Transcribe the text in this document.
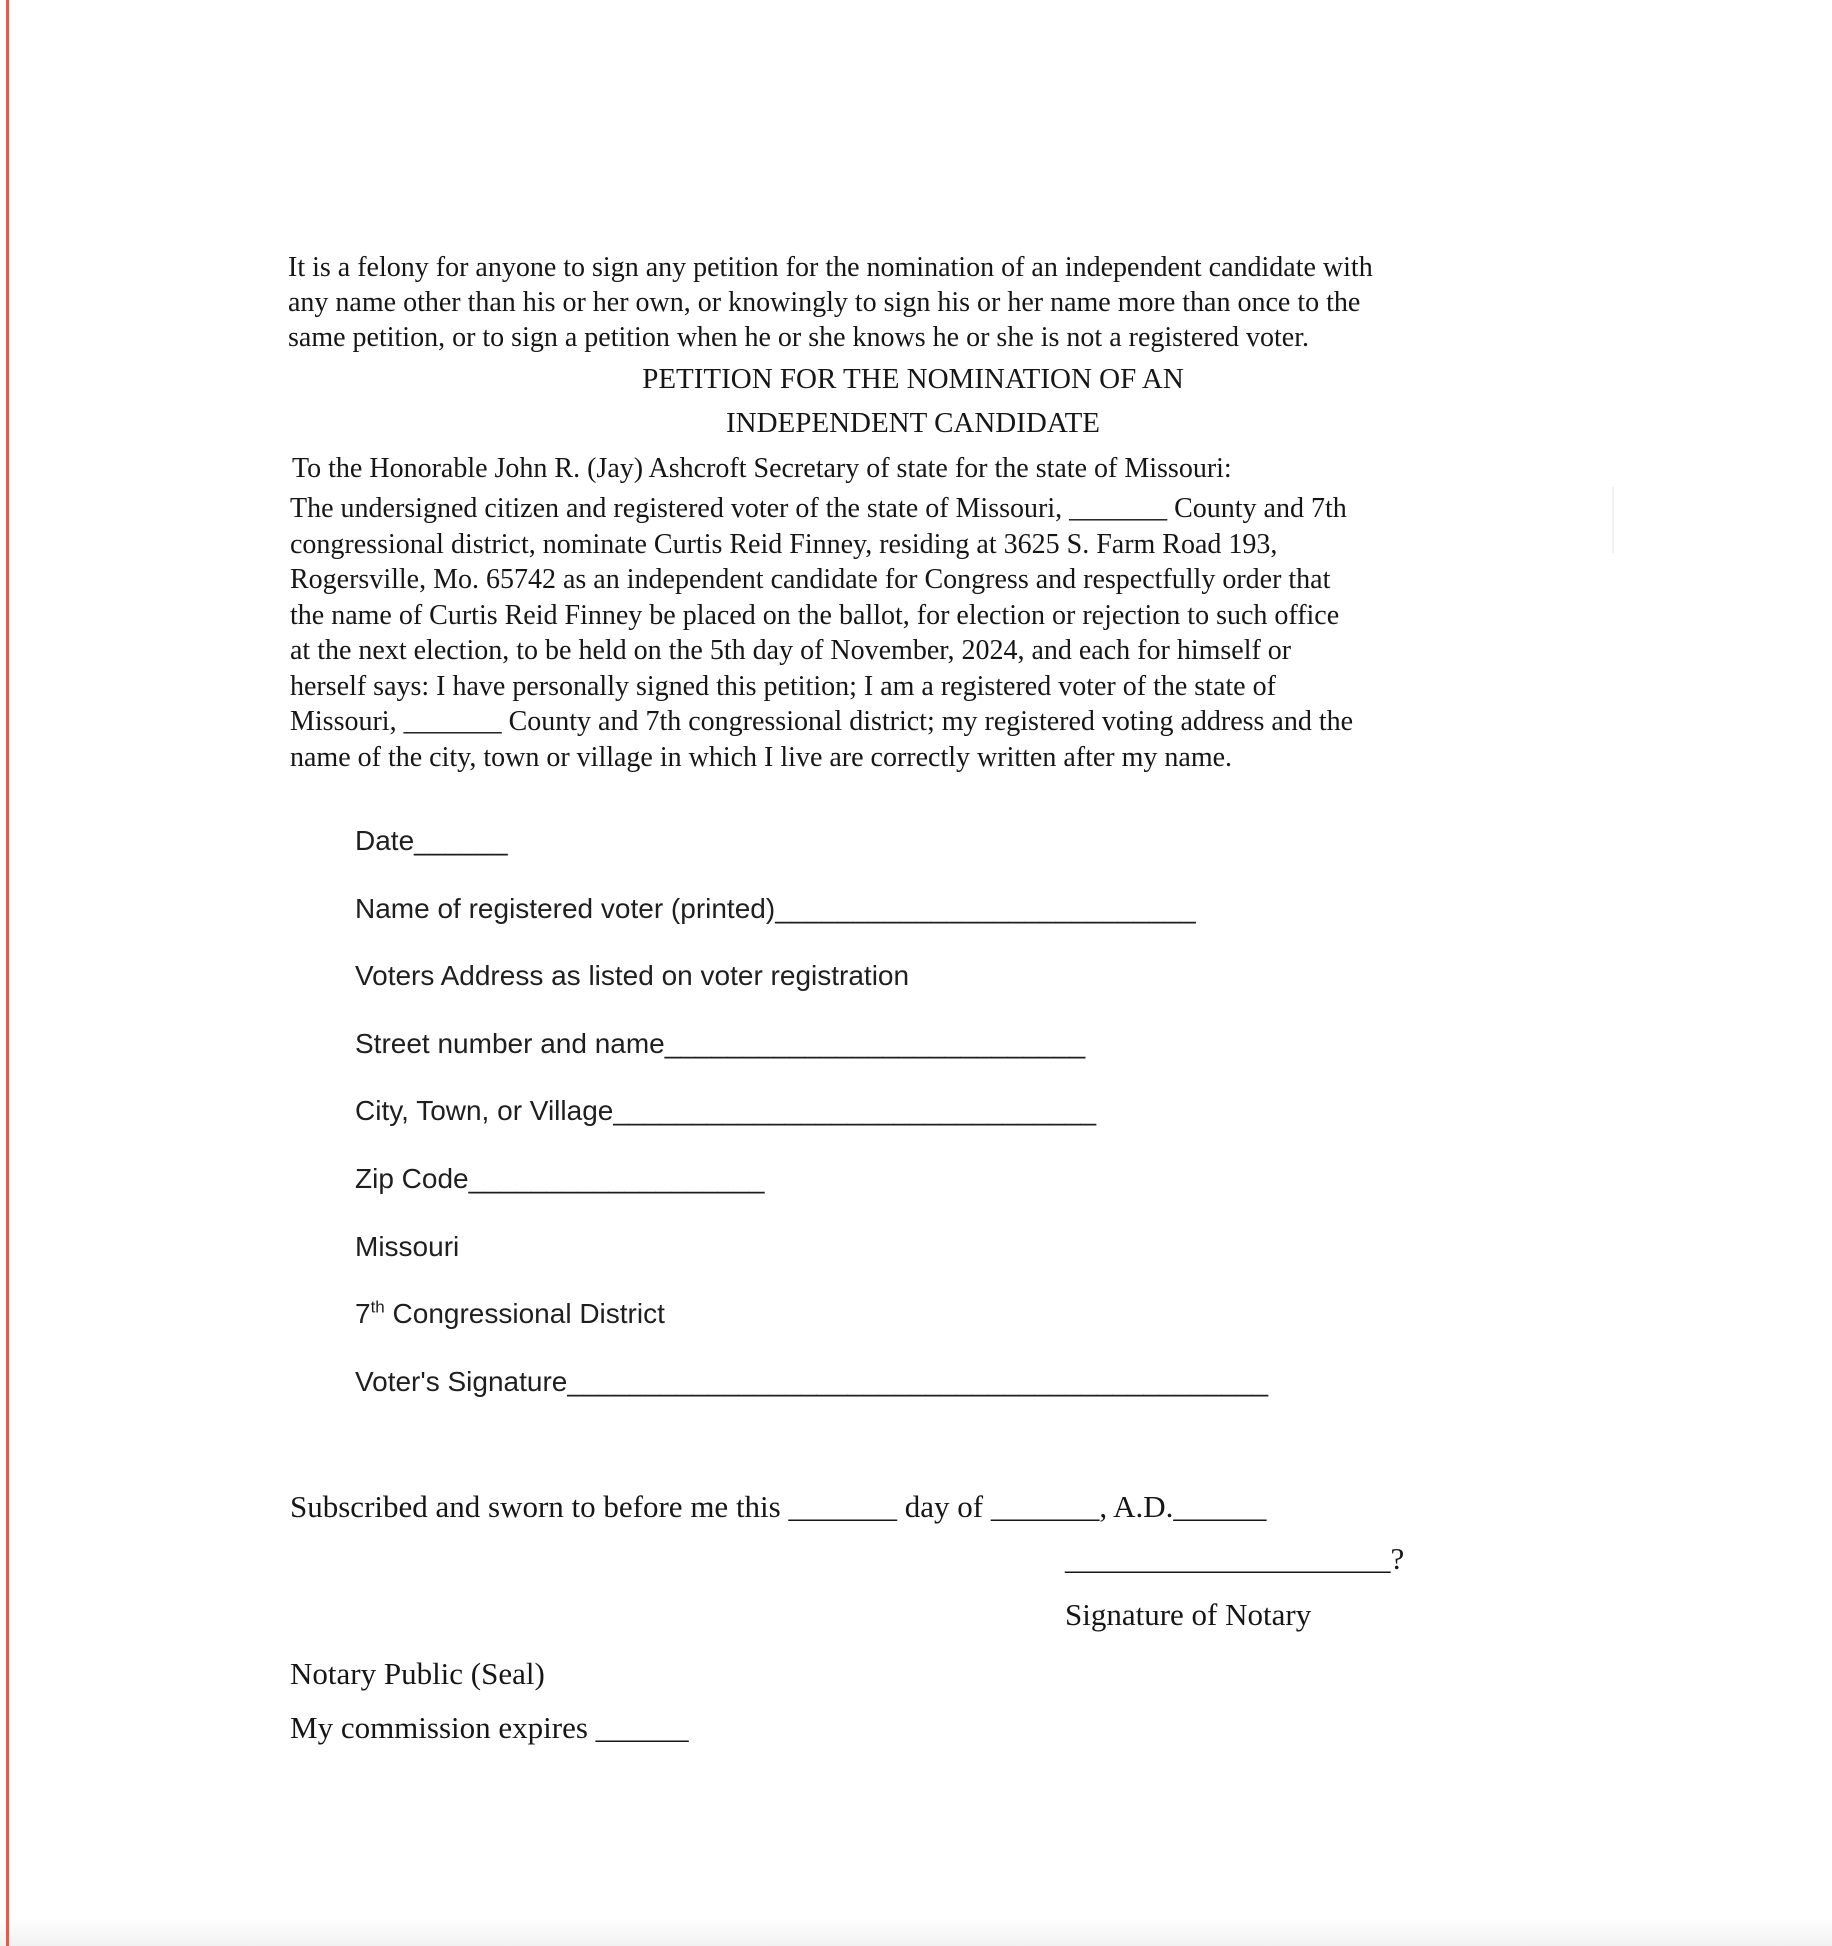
It is a felony for anyone to sign any petition for the nomination of an independent candidate with
any name other than his or her own, or knowingly to sign his or her name more than once to the
same petition, or to sign a petition when he or she knows he or she is not a registered voter.
PETITION FOR THE NOMINATION OF AN
INDEPENDENT CANDIDATE
To the Honorable John R. (Jay) Ashcroft Secretary of state for the state of Missouri:
The undersigned citizen and registered voter of the state of Missouri, _______ County and 7th
congressional district, nominate Curtis Reid Finney, residing at 3625 S. Farm Road 193,
Rogersville, Mo. 65742 as an independent candidate for Congress and respectfully order that
the name of Curtis Reid Finney be placed on the ballot, for election or rejection to such office
at the next election, to be held on the 5th day of November, 2024, and each for himself or
herself says: I have personally signed this petition; I am a registered voter of the state of
Missouri, _______ County and 7th congressional district; my registered voting address and the
name of the city, town or village in which I live are correctly written after my name.
Date______
Name of registered voter (printed)___________________________
Voters Address as listed on voter registration
Street number and name___________________________
City, Town, or Village_______________________________
Zip Code___________________
Missouri
7th Congressional District
Voter's Signature_____________________________________________
Subscribed and sworn to before me this _______ day of _______, A.D.______
_____________________?
Signature of Notary
Notary Public (Seal)
My commission expires ______
